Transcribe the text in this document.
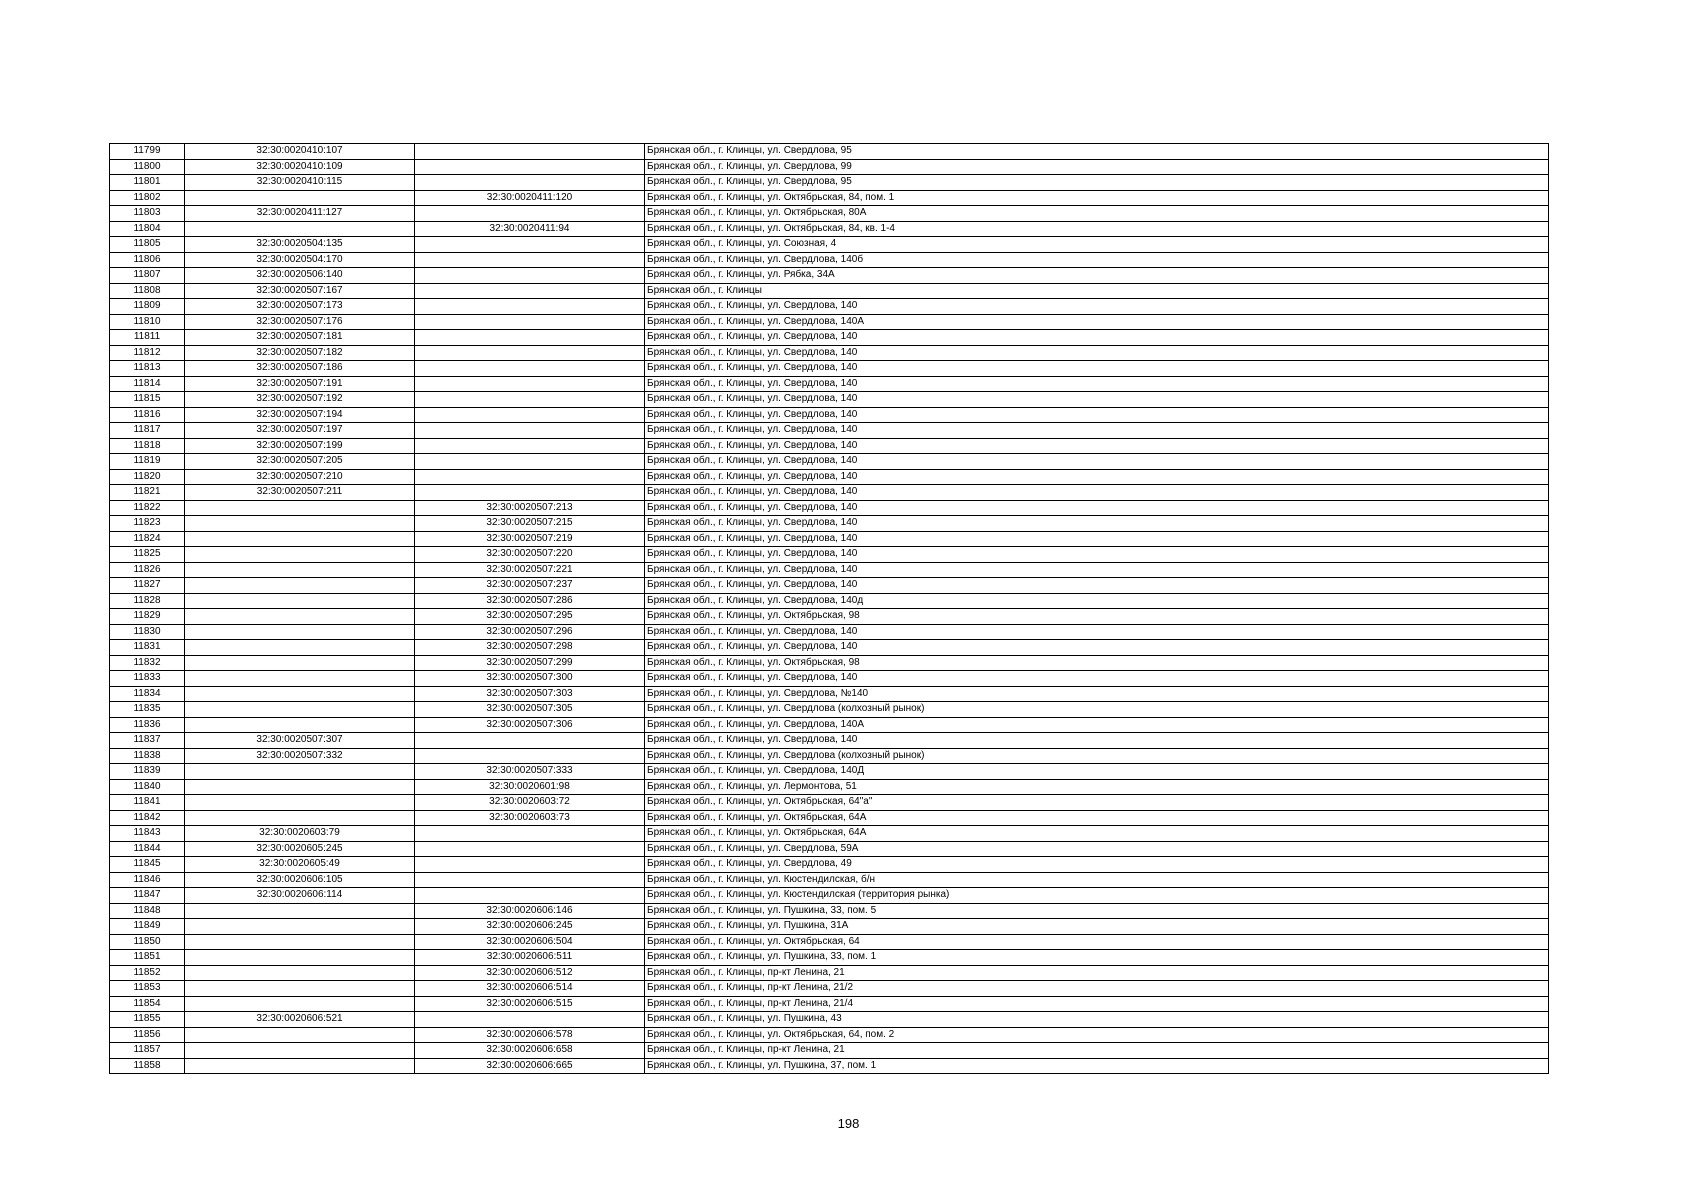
11799	32:30:0020410:107		Брянская обл., г. Клинцы, ул. Свердлова, 95
11800	32:30:0020410:109		Брянская обл., г. Клинцы, ул. Свердлова, 99
11801	32:30:0020410:115		Брянская обл., г. Клинцы, ул. Свердлова, 95
11802		32:30:0020411:120	Брянская обл., г. Клинцы, ул. Октябрьская, 84, пом. 1
11803	32:30:0020411:127		Брянская обл., г. Клинцы, ул. Октябрьская, 80А
11804		32:30:0020411:94	Брянская обл., г. Клинцы, ул. Октябрьская, 84, кв. 1-4
11805	32:30:0020504:135		Брянская обл., г. Клинцы, ул. Союзная, 4
11806	32:30:0020504:170		Брянская обл., г. Клинцы, ул. Свердлова, 140б
11807	32:30:0020506:140		Брянская обл., г. Клинцы, ул. Рябка, 34А
11808	32:30:0020507:167		Брянская обл., г. Клинцы
11809	32:30:0020507:173		Брянская обл., г. Клинцы, ул. Свердлова, 140
11810	32:30:0020507:176		Брянская обл., г. Клинцы, ул. Свердлова, 140А
11811	32:30:0020507:181		Брянская обл., г. Клинцы, ул. Свердлова, 140
11812	32:30:0020507:182		Брянская обл., г. Клинцы, ул. Свердлова, 140
11813	32:30:0020507:186		Брянская обл., г. Клинцы, ул. Свердлова, 140
11814	32:30:0020507:191		Брянская обл., г. Клинцы, ул. Свердлова, 140
11815	32:30:0020507:192		Брянская обл., г. Клинцы, ул. Свердлова, 140
11816	32:30:0020507:194		Брянская обл., г. Клинцы, ул. Свердлова, 140
11817	32:30:0020507:197		Брянская обл., г. Клинцы, ул. Свердлова, 140
11818	32:30:0020507:199		Брянская обл., г. Клинцы, ул. Свердлова, 140
11819	32:30:0020507:205		Брянская обл., г. Клинцы, ул. Свердлова, 140
11820	32:30:0020507:210		Брянская обл., г. Клинцы, ул. Свердлова, 140
11821	32:30:0020507:211		Брянская обл., г. Клинцы, ул. Свердлова, 140
11822		32:30:0020507:213	Брянская обл., г. Клинцы, ул. Свердлова, 140
11823		32:30:0020507:215	Брянская обл., г. Клинцы, ул. Свердлова, 140
11824		32:30:0020507:219	Брянская обл., г. Клинцы, ул. Свердлова, 140
11825		32:30:0020507:220	Брянская обл., г. Клинцы, ул. Свердлова, 140
11826		32:30:0020507:221	Брянская обл., г. Клинцы, ул. Свердлова, 140
11827		32:30:0020507:237	Брянская обл., г. Клинцы, ул. Свердлова, 140
11828		32:30:0020507:286	Брянская обл., г. Клинцы, ул. Свердлова, 140д
11829		32:30:0020507:295	Брянская обл., г. Клинцы, ул. Октябрьская, 98
11830		32:30:0020507:296	Брянская обл., г. Клинцы, ул. Свердлова, 140
11831		32:30:0020507:298	Брянская обл., г. Клинцы, ул. Свердлова, 140
11832		32:30:0020507:299	Брянская обл., г. Клинцы, ул. Октябрьская, 98
11833		32:30:0020507:300	Брянская обл., г. Клинцы, ул. Свердлова, 140
11834		32:30:0020507:303	Брянская обл., г. Клинцы, ул. Свердлова, №140
11835		32:30:0020507:305	Брянская обл., г. Клинцы, ул. Свердлова (колхозный рынок)
11836		32:30:0020507:306	Брянская обл., г. Клинцы, ул. Свердлова, 140А
11837	32:30:0020507:307		Брянская обл., г. Клинцы, ул. Свердлова, 140
11838	32:30:0020507:332		Брянская обл., г. Клинцы, ул. Свердлова (колхозный рынок)
11839		32:30:0020507:333	Брянская обл., г. Клинцы, ул. Свердлова, 140Д
11840		32:30:0020601:98	Брянская обл., г. Клинцы, ул. Лермонтова, 51
11841		32:30:0020603:72	Брянская обл., г. Клинцы, ул. Октябрьская, 64"а"
11842		32:30:0020603:73	Брянская обл., г. Клинцы, ул. Октябрьская, 64А
11843	32:30:0020603:79		Брянская обл., г. Клинцы, ул. Октябрьская, 64А
11844	32:30:0020605:245		Брянская обл., г. Клинцы, ул. Свердлова, 59А
11845	32:30:0020605:49		Брянская обл., г. Клинцы, ул. Свердлова, 49
11846	32:30:0020606:105		Брянская обл., г. Клинцы, ул. Кюстендилская, б/н
11847	32:30:0020606:114		Брянская обл., г. Клинцы, ул. Кюстендилская (территория рынка)
11848		32:30:0020606:146	Брянская обл., г. Клинцы, ул. Пушкина, 33, пом. 5
11849		32:30:0020606:245	Брянская обл., г. Клинцы, ул. Пушкина, 31А
11850		32:30:0020606:504	Брянская обл., г. Клинцы, ул. Октябрьская, 64
11851		32:30:0020606:511	Брянская обл., г. Клинцы, ул. Пушкина, 33, пом. 1
11852		32:30:0020606:512	Брянская обл., г. Клинцы, пр-кт Ленина, 21
11853		32:30:0020606:514	Брянская обл., г. Клинцы, пр-кт Ленина, 21/2
11854		32:30:0020606:515	Брянская обл., г. Клинцы, пр-кт Ленина, 21/4
11855	32:30:0020606:521		Брянская обл., г. Клинцы, ул. Пушкина, 43
11856		32:30:0020606:578	Брянская обл., г. Клинцы, ул. Октябрьская, 64, пом. 2
11857		32:30:0020606:658	Брянская обл., г. Клинцы, пр-кт Ленина, 21
11858		32:30:0020606:665	Брянская обл., г. Клинцы, ул. Пушкина, 37, пом. 1
198
